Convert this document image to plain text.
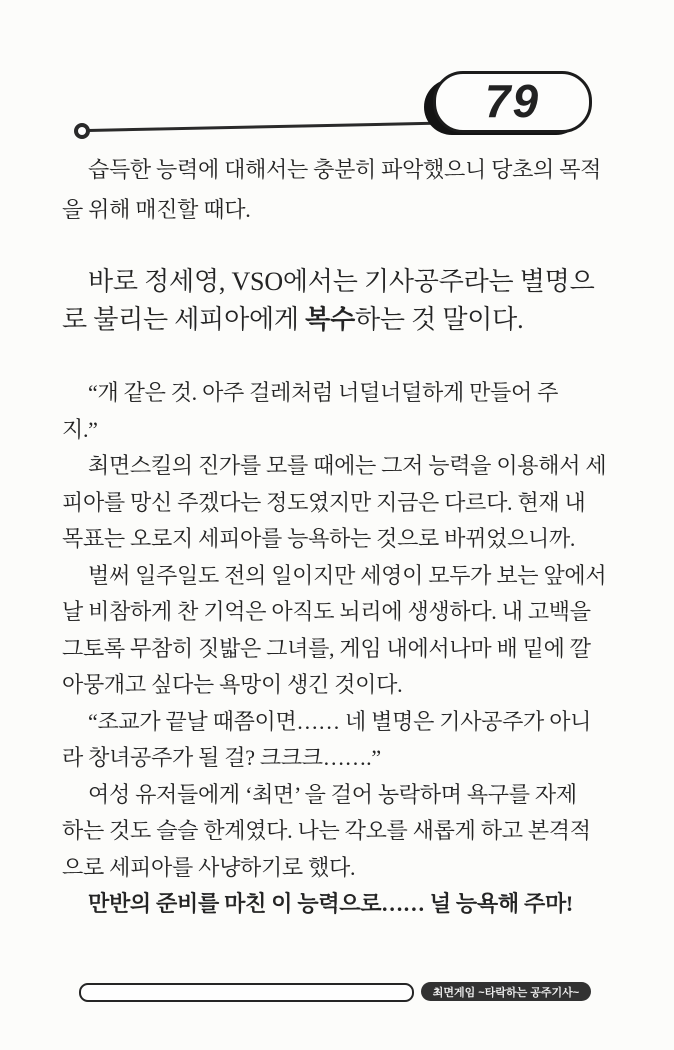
79
습득한 능력에 대해서는 충분히 파악했으니 당초의 목적
을 위해 매진할 때다.
바로 정세영, VSO에서는 기사공주라는 별명으
로 불리는 세피아에게 복수하는 것 말이다.
“개 같은 것. 아주 걸레처럼 너덜너덜하게 만들어 주
지.”
최면스킬의 진가를 모를 때에는 그저 능력을 이용해서 세
피아를 망신 주겠다는 정도였지만 지금은 다르다. 현재 내
목표는 오로지 세피아를 능욕하는 것으로 바뀌었으니까.
벌써 일주일도 전의 일이지만 세영이 모두가 보는 앞에서
날 비참하게 찬 기억은 아직도 뇌리에 생생하다. 내 고백을
그토록 무참히 짓밟은 그녀를, 게임 내에서나마 배 밑에 깔
아뭉개고 싶다는 욕망이 생긴 것이다.
“조교가 끝날 때쯤이면…… 네 별명은 기사공주가 아니
라 창녀공주가 될 걸? 크크크…….”
여성 유저들에게 ‘최면’ 을 걸어 농락하며 욕구를 자제
하는 것도 슬슬 한계였다. 나는 각오를 새롭게 하고 본격적
으로 세피아를 사냥하기로 했다.
만반의 준비를 마친 이 능력으로…… 널 능욕해 주마!
최면게임 ~타락하는 공주기사~
